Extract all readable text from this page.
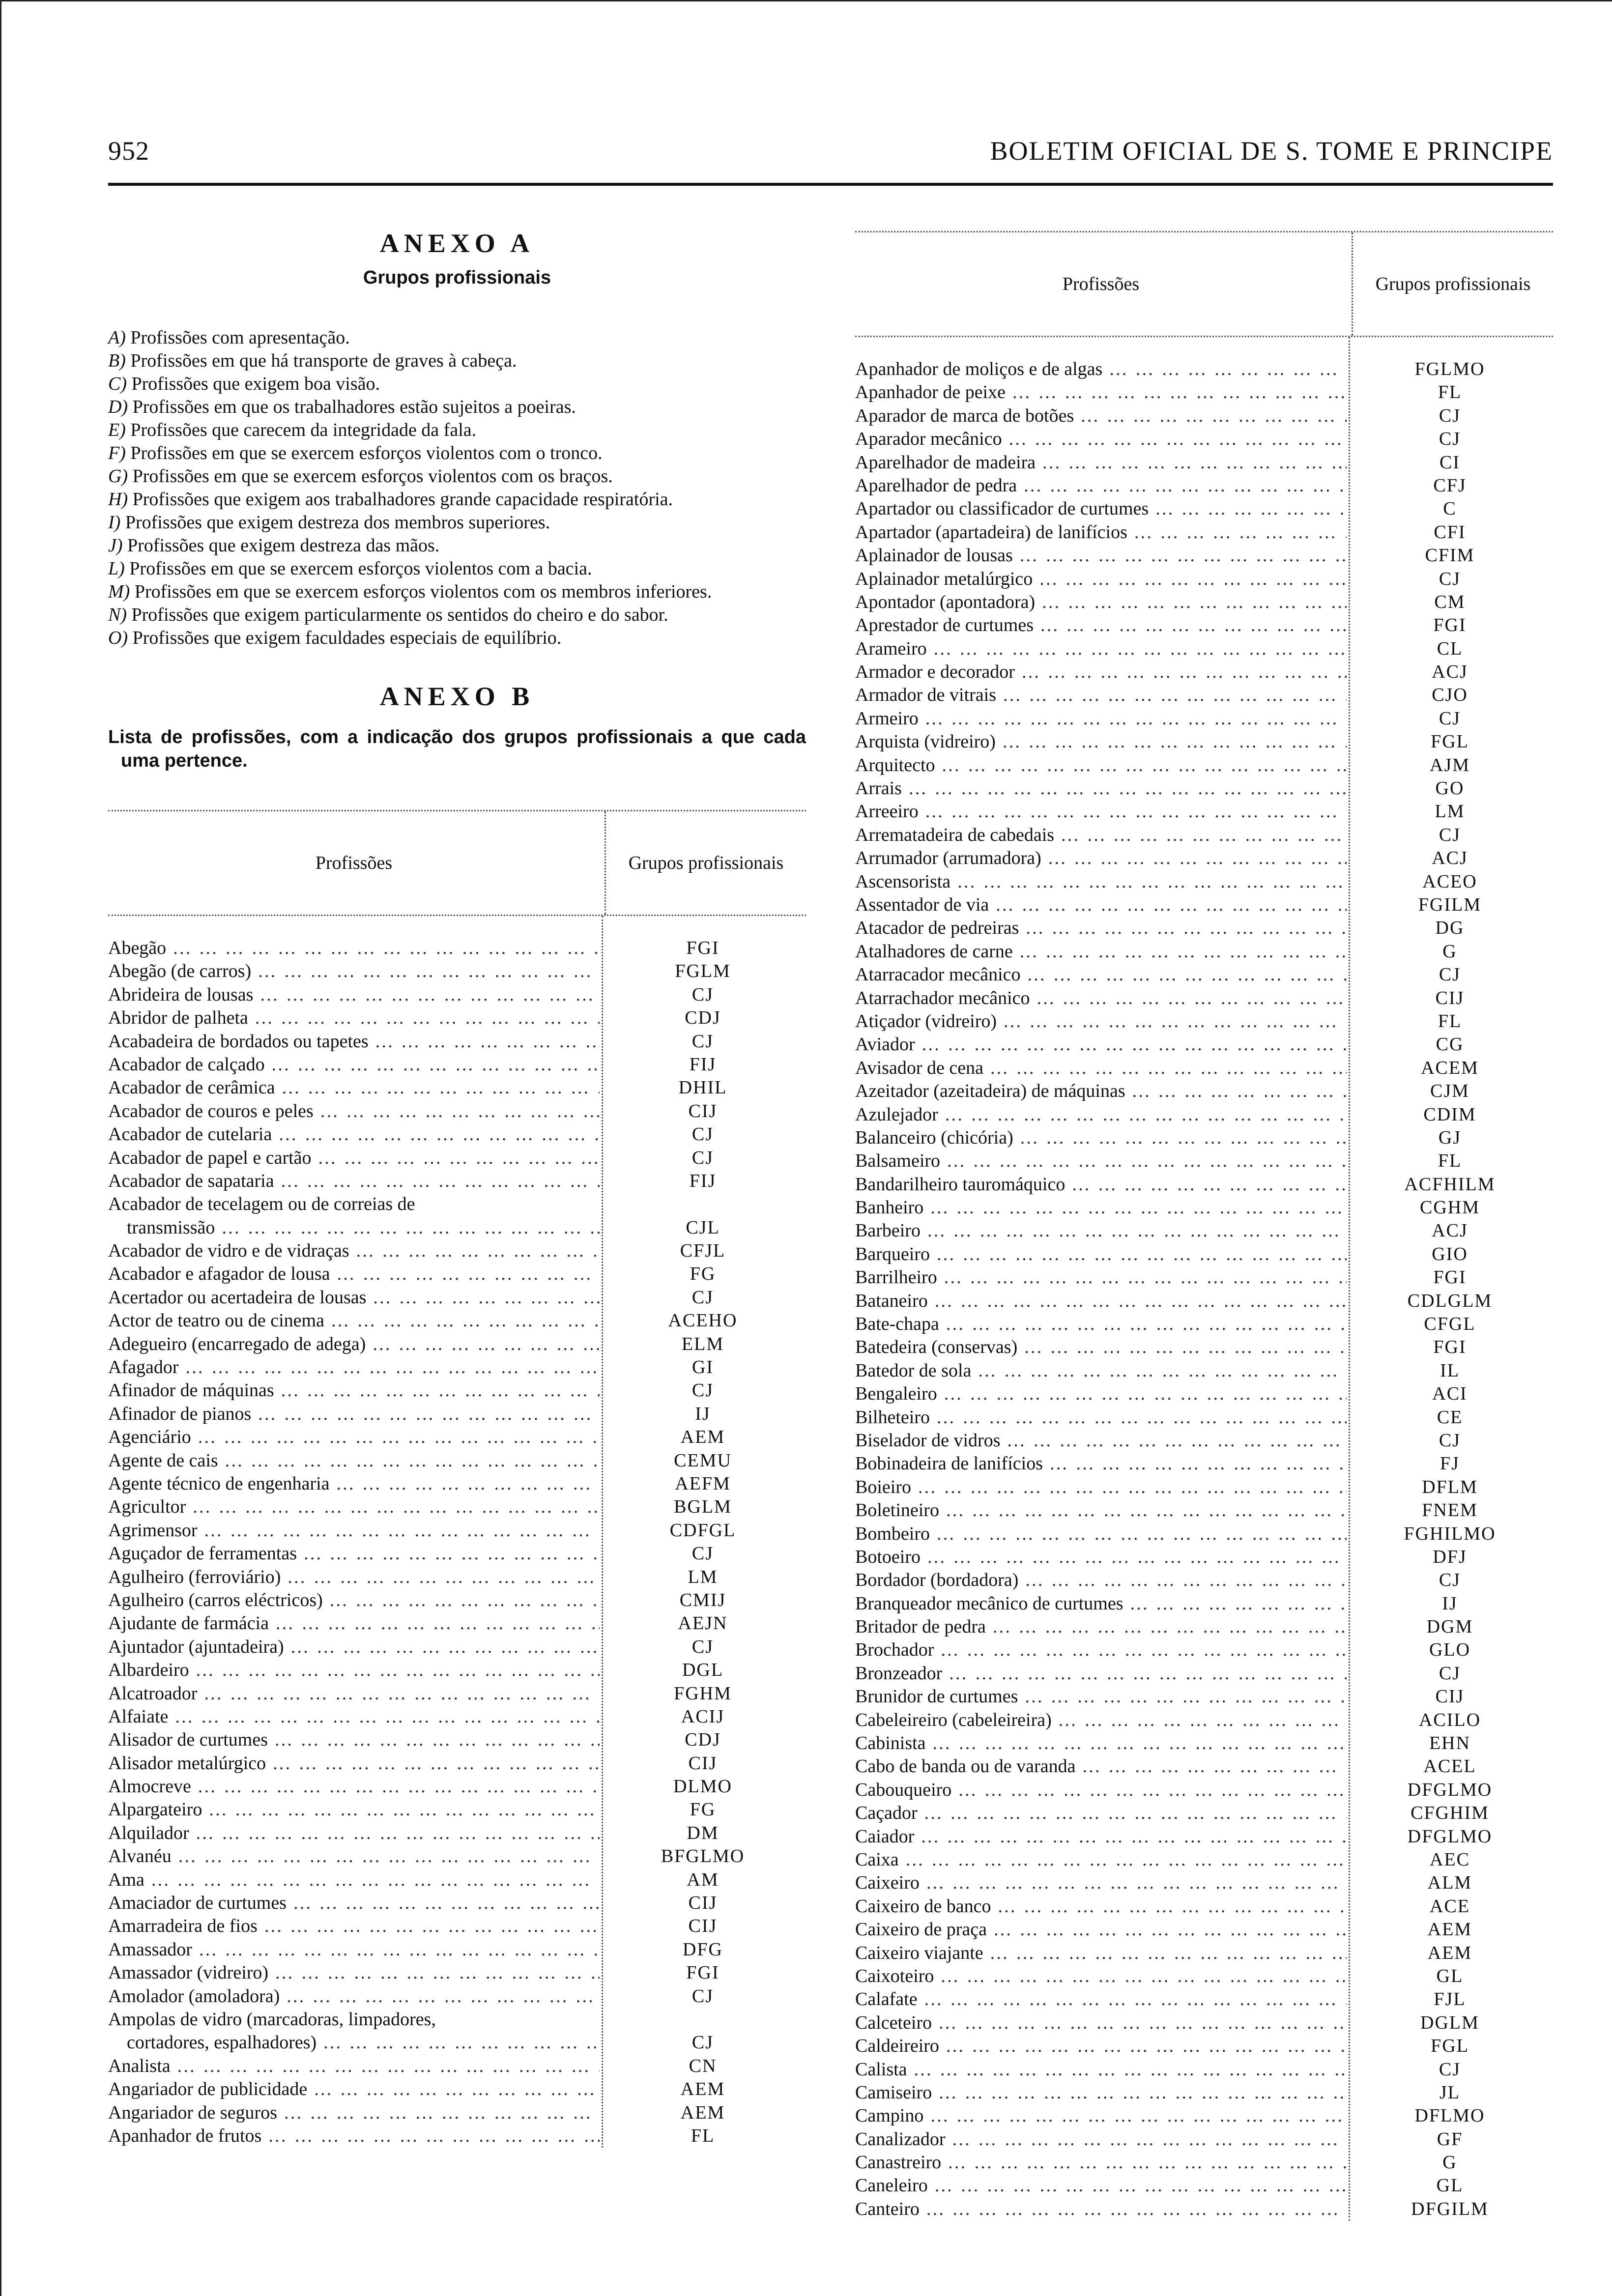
952	BOLETIM OFICIAL DE S. TOME E PRINCIPE
ANEXO A
Grupos profissionais
A) Profissões com apresentação.
B) Profissões em que há transporte de graves à cabeça.
C) Profissões que exigem boa visão.
D) Profissões em que os trabalhadores estão sujeitos a poeiras.
E) Profissões que carecem da integridade da fala.
F) Profissões em que se exercem esforços violentos com o tronco.
G) Profissões em que se exercem esforços violentos com os braços.
H) Profissões que exigem aos trabalhadores grande capacidade respiratória.
I) Profissões que exigem destreza dos membros superiores.
J) Profissões que exigem destreza das mãos.
L) Profissões em que se exercem esforços violentos com a bacia.
M) Profissões em que se exercem esforços violentos com os membros inferiores.
N) Profissões que exigem particularmente os sentidos do cheiro e do sabor.
O) Profissões que exigem faculdades especiais de equilíbrio.
ANEXO B
Lista de profissões, com a indicação dos grupos profissionais a que cada uma pertence.
Profissões	Grupos profissionais
Abegão … … … … … … … … … … … … … … … … … …	FGI
Abegão (de carros) … … … … … … … … … … … … … … … … … …	FGLM
Abrideira de lousas … … … … … … … … … … … … … … … … … …	CJ
Abridor de palheta … … … … … … … … … … … … … … … … … …	CDJ
Acabadeira de bordados ou tapetes … … … … … … … … … … … … … … … … … …	CJ
Acabador de calçado … … … … … … … … … … … … … … … … … …	FIJ
Acabador de cerâmica … … … … … … … … … … … … … … … … … …	DHIL
Acabador de couros e peles … … … … … … … … … … … … … … … … … …	CIJ
Acabador de cutelaria … … … … … … … … … … … … … … … … … …	CJ
Acabador de papel e cartão … … … … … … … … … … … … … … … … … …	CJ
Acabador de sapataria … … … … … … … … … … … … … … … … … …	FIJ
Acabador de tecelagem ou de correias de
transmissão … … … … … … … … … … … … … … … … … …	CJL
Acabador de vidro e de vidraças … … … … … … … … … … … … … … … … … …	CFJL
Acabador e afagador de lousa … … … … … … … … … … … … … … … … … …	FG
Acertador ou acertadeira de lousas … … … … … … … … … … … … … … … … … …	CJ
Actor de teatro ou de cinema … … … … … … … … … … … … … … … … … …	ACEHO
Adegueiro (encarregado de adega) … … … … … … … … … … … … … … … … … …	ELM
Afagador … … … … … … … … … … … … … … … … … …	GI
Afinador de máquinas … … … … … … … … … … … … … … … … … …	CJ
Afinador de pianos … … … … … … … … … … … … … … … … … …	IJ
Agenciário … … … … … … … … … … … … … … … … … …	AEM
Agente de cais … … … … … … … … … … … … … … … … … …	CEMU
Agente técnico de engenharia … … … … … … … … … … … … … … … … … …	AEFM
Agricultor … … … … … … … … … … … … … … … … … …	BGLM
Agrimensor … … … … … … … … … … … … … … … … … …	CDFGL
Aguçador de ferramentas … … … … … … … … … … … … … … … … … …	CJ
Agulheiro (ferroviário) … … … … … … … … … … … … … … … … … …	LM
Agulheiro (carros eléctricos) … … … … … … … … … … … … … … … … … …	CMIJ
Ajudante de farmácia … … … … … … … … … … … … … … … … … …	AEJN
Ajuntador (ajuntadeira) … … … … … … … … … … … … … … … … … …	CJ
Albardeiro … … … … … … … … … … … … … … … … … …	DGL
Alcatroador … … … … … … … … … … … … … … … … … …	FGHM
Alfaiate … … … … … … … … … … … … … … … … … …	ACIJ
Alisador de curtumes … … … … … … … … … … … … … … … … … …	CDJ
Alisador metalúrgico … … … … … … … … … … … … … … … … … …	CIJ
Almocreve … … … … … … … … … … … … … … … … … …	DLMO
Alpargateiro … … … … … … … … … … … … … … … … … …	FG
Alquilador … … … … … … … … … … … … … … … … … …	DM
Alvanéu … … … … … … … … … … … … … … … … … …	BFGLMO
Ama … … … … … … … … … … … … … … … … … …	AM
Amaciador de curtumes … … … … … … … … … … … … … … … … … …	CIJ
Amarradeira de fios … … … … … … … … … … … … … … … … … …	CIJ
Amassador … … … … … … … … … … … … … … … … … …	DFG
Amassador (vidreiro) … … … … … … … … … … … … … … … … … …	FGI
Amolador (amoladora) … … … … … … … … … … … … … … … … … …	CJ
Ampolas de vidro (marcadoras, limpadores,
cortadores, espalhadores) … … … … … … … … … … … … … … … … … …	CJ
Analista … … … … … … … … … … … … … … … … … …	CN
Angariador de publicidade … … … … … … … … … … … … … … … … … …	AEM
Angariador de seguros … … … … … … … … … … … … … … … … … …	AEM
Apanhador de frutos … … … … … … … … … … … … … … … … … …	FL
Profissões	Grupos profissionais
Apanhador de moliços e de algas … … … … … … … … … … … … … … … … … …	FGLMO
Apanhador de peixe … … … … … … … … … … … … … … … … … …	FL
Aparador de marca de botões … … … … … … … … … … … … … … … … … …	CJ
Aparador mecânico … … … … … … … … … … … … … … … … … …	CJ
Aparelhador de madeira … … … … … … … … … … … … … … … … … …	CI
Aparelhador de pedra … … … … … … … … … … … … … … … … … …	CFJ
Apartador ou classificador de curtumes … … … … … … … … … … … … … … … … … …	C
Apartador (apartadeira) de lanifícios … … … … … … … … … … … … … … … … … …	CFI
Aplainador de lousas … … … … … … … … … … … … … … … … … …	CFIM
Aplainador metalúrgico … … … … … … … … … … … … … … … … … …	CJ
Apontador (apontadora) … … … … … … … … … … … … … … … … … …	CM
Aprestador de curtumes … … … … … … … … … … … … … … … … … …	FGI
Arameiro … … … … … … … … … … … … … … … … … …	CL
Armador e decorador … … … … … … … … … … … … … … … … … …	ACJ
Armador de vitrais … … … … … … … … … … … … … … … … … …	CJO
Armeiro … … … … … … … … … … … … … … … … … …	CJ
Arquista (vidreiro) … … … … … … … … … … … … … … … … … …	FGL
Arquitecto … … … … … … … … … … … … … … … … … …	AJM
Arrais … … … … … … … … … … … … … … … … … …	GO
Arreeiro … … … … … … … … … … … … … … … … … …	LM
Arrematadeira de cabedais … … … … … … … … … … … … … … … … … …	CJ
Arrumador (arrumadora) … … … … … … … … … … … … … … … … … …	ACJ
Ascensorista … … … … … … … … … … … … … … … … … …	ACEO
Assentador de via … … … … … … … … … … … … … … … … … …	FGILM
Atacador de pedreiras … … … … … … … … … … … … … … … … … …	DG
Atalhadores de carne … … … … … … … … … … … … … … … … … …	G
Atarracador mecânico … … … … … … … … … … … … … … … … … …	CJ
Atarrachador mecânico … … … … … … … … … … … … … … … … … …	CIJ
Atiçador (vidreiro) … … … … … … … … … … … … … … … … … …	FL
Aviador … … … … … … … … … … … … … … … … … …	CG
Avisador de cena … … … … … … … … … … … … … … … … … …	ACEM
Azeitador (azeitadeira) de máquinas … … … … … … … … … … … … … … … … … …	CJM
Azulejador … … … … … … … … … … … … … … … … … …	CDIM
Balanceiro (chicória) … … … … … … … … … … … … … … … … … …	GJ
Balsameiro … … … … … … … … … … … … … … … … … …	FL
Bandarilheiro tauromáquico … … … … … … … … … … … … … … … … … …	ACFHILM
Banheiro … … … … … … … … … … … … … … … … … …	CGHM
Barbeiro … … … … … … … … … … … … … … … … … …	ACJ
Barqueiro … … … … … … … … … … … … … … … … … …	GIO
Barrilheiro … … … … … … … … … … … … … … … … … …	FGI
Bataneiro … … … … … … … … … … … … … … … … … …	CDLGLM
Bate-chapa … … … … … … … … … … … … … … … … … …	CFGL
Batedeira (conservas) … … … … … … … … … … … … … … … … … …	FGI
Batedor de sola … … … … … … … … … … … … … … … … … …	IL
Bengaleiro … … … … … … … … … … … … … … … … … …	ACI
Bilheteiro … … … … … … … … … … … … … … … … … …	CE
Biselador de vidros … … … … … … … … … … … … … … … … … …	CJ
Bobinadeira de lanifícios … … … … … … … … … … … … … … … … … …	FJ
Boieiro … … … … … … … … … … … … … … … … … …	DFLM
Boletineiro … … … … … … … … … … … … … … … … … …	FNEM
Bombeiro … … … … … … … … … … … … … … … … … …	FGHILMO
Botoeiro … … … … … … … … … … … … … … … … … …	DFJ
Bordador (bordadora) … … … … … … … … … … … … … … … … … …	CJ
Branqueador mecânico de curtumes … … … … … … … … … … … … … … … … … …	IJ
Britador de pedra … … … … … … … … … … … … … … … … … …	DGM
Brochador … … … … … … … … … … … … … … … … … …	GLO
Bronzeador … … … … … … … … … … … … … … … … … …	CJ
Brunidor de curtumes … … … … … … … … … … … … … … … … … …	CIJ
Cabeleireiro (cabeleireira) … … … … … … … … … … … … … … … … … …	ACILO
Cabinista … … … … … … … … … … … … … … … … … …	EHN
Cabo de banda ou de varanda … … … … … … … … … … … … … … … … … …	ACEL
Cabouqueiro … … … … … … … … … … … … … … … … … …	DFGLMO
Caçador … … … … … … … … … … … … … … … … … …	CFGHIM
Caiador … … … … … … … … … … … … … … … … … …	DFGLMO
Caixa … … … … … … … … … … … … … … … … … …	AEC
Caixeiro … … … … … … … … … … … … … … … … … …	ALM
Caixeiro de banco … … … … … … … … … … … … … … … … … …	ACE
Caixeiro de praça … … … … … … … … … … … … … … … … … …	AEM
Caixeiro viajante … … … … … … … … … … … … … … … … … …	AEM
Caixoteiro … … … … … … … … … … … … … … … … … …	GL
Calafate … … … … … … … … … … … … … … … … … …	FJL
Calceteiro … … … … … … … … … … … … … … … … … …	DGLM
Caldeireiro … … … … … … … … … … … … … … … … … …	FGL
Calista … … … … … … … … … … … … … … … … … …	CJ
Camiseiro … … … … … … … … … … … … … … … … … …	JL
Campino … … … … … … … … … … … … … … … … … …	DFLMO
Canalizador … … … … … … … … … … … … … … … … … …	GF
Canastreiro … … … … … … … … … … … … … … … … … …	G
Caneleiro … … … … … … … … … … … … … … … … … …	GL
Canteiro … … … … … … … … … … … … … … … … … …	DFGILM
